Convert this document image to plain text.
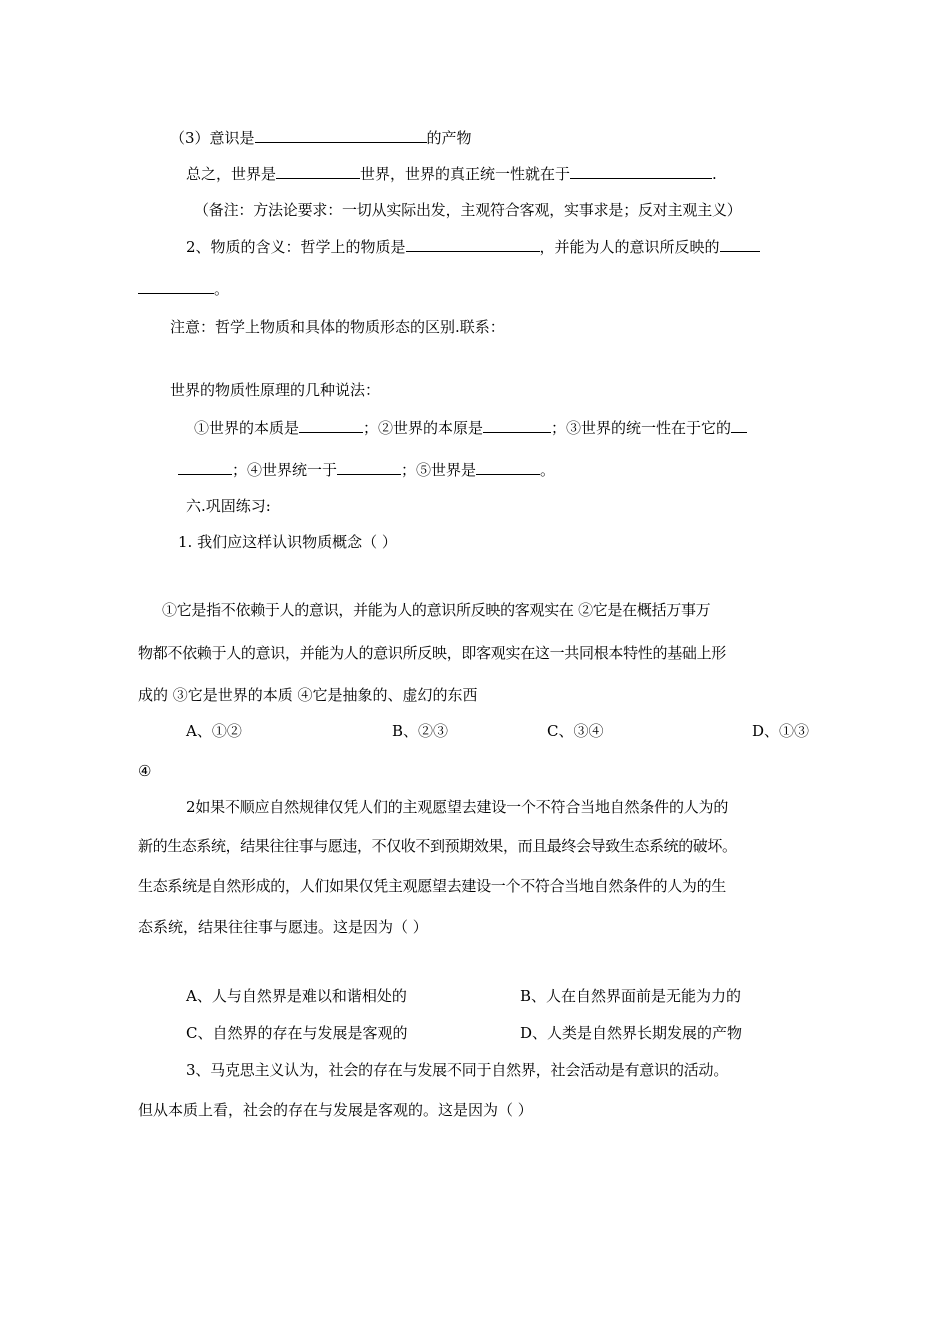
（3）意识是	的产物
总之，世界是	世界，世界的真正统一性就在于	.
（备注：方法论要求：一切从实际出发，主观符合客观，实事求是；反对主观主义）
2、物质的含义：哲学上的物质是	，并能为人的意识所反映的
。
注意：哲学上物质和具体的物质形态的区别.联系：
世界的物质性原理的几种说法：
①世界的本质是	；②世界的本原是	；③世界的统一性在于它的
；④世界统一于	；⑤世界是	。
六.巩固练习:
1. 我们应这样认识物质概念（ ）
①它是指不依赖于人的意识，并能为人的意识所反映的客观实在 ②它是在概括万事万
物都不依赖于人的意识，并能为人的意识所反映，即客观实在这一共同根本特性的基础上形
成的 ③它是世界的本质 ④它是抽象的、虚幻的东西
A、①②	B、②③	C、③④	D、①③
④
2如果不顺应自然规律仅凭人们的主观愿望去建设一个不符合当地自然条件的人为的
新的生态系统，结果往往事与愿违，不仅收不到预期效果，而且最终会导致生态系统的破坏。
生态系统是自然形成的，人们如果仅凭主观愿望去建设一个不符合当地自然条件的人为的生
态系统，结果往往事与愿违。这是因为（ ）
A、人与自然界是难以和谐相处的	B、人在自然界面前是无能为力的
C、自然界的存在与发展是客观的	D、人类是自然界长期发展的产物
3、马克思主义认为，社会的存在与发展不同于自然界，社会活动是有意识的活动。
但从本质上看，社会的存在与发展是客观的。这是因为（ ）
